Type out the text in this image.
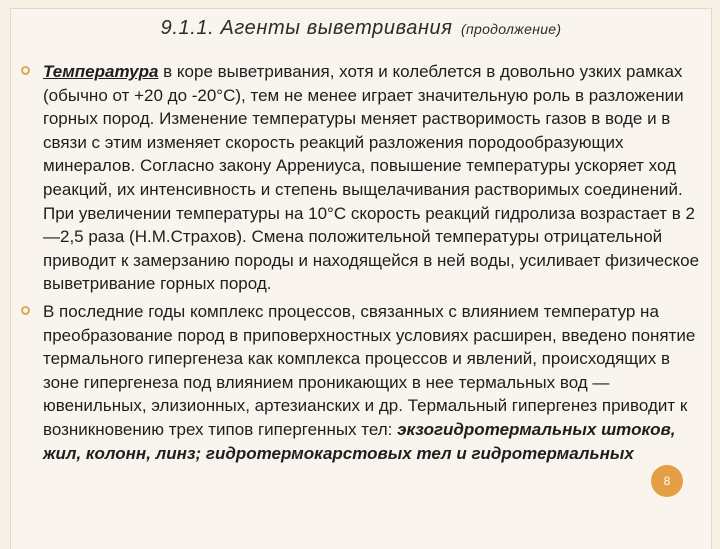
9.1.1. Агенты выветривания (продолжение)
Температура в коре выветривания, хотя и колеблется в довольно узких рамках (обычно от +20 до -20°С), тем не менее играет значительную роль в разложении горных пород. Изменение температуры меняет растворимость газов в воде и в связи с этим изменяет скорость реакций разложения породообразующих минералов. Согласно закону Аррениуса, повышение температуры ускоряет ход реакций, их интенсивность и степень выщелачивания растворимых соединений. При увеличении температуры на 10°С скорость реакций гидролиза возрастает в 2—2,5 раза (Н.М.Страхов). Смена положительной температуры отрицательной приводит к замерзанию породы и находящейся в ней воды, усиливает физическое выветривание горных пород.
В последние годы комплекс процессов, связанных с влиянием температур на преобразование пород в приповерхностных условиях расширен, введено понятие термального гипергенеза как комплекса процессов и явлений, происходящих в зоне гипергенеза под влиянием проникающих в нее термальных вод — ювенильных, элизионных, артезианских и др. Термальный гипергенез приводит к возникновению трех типов гипергенных тел: экзогидротермальных штоков, жил, колонн, линз; гидротермокарстовых тел и гидротермальных
8
